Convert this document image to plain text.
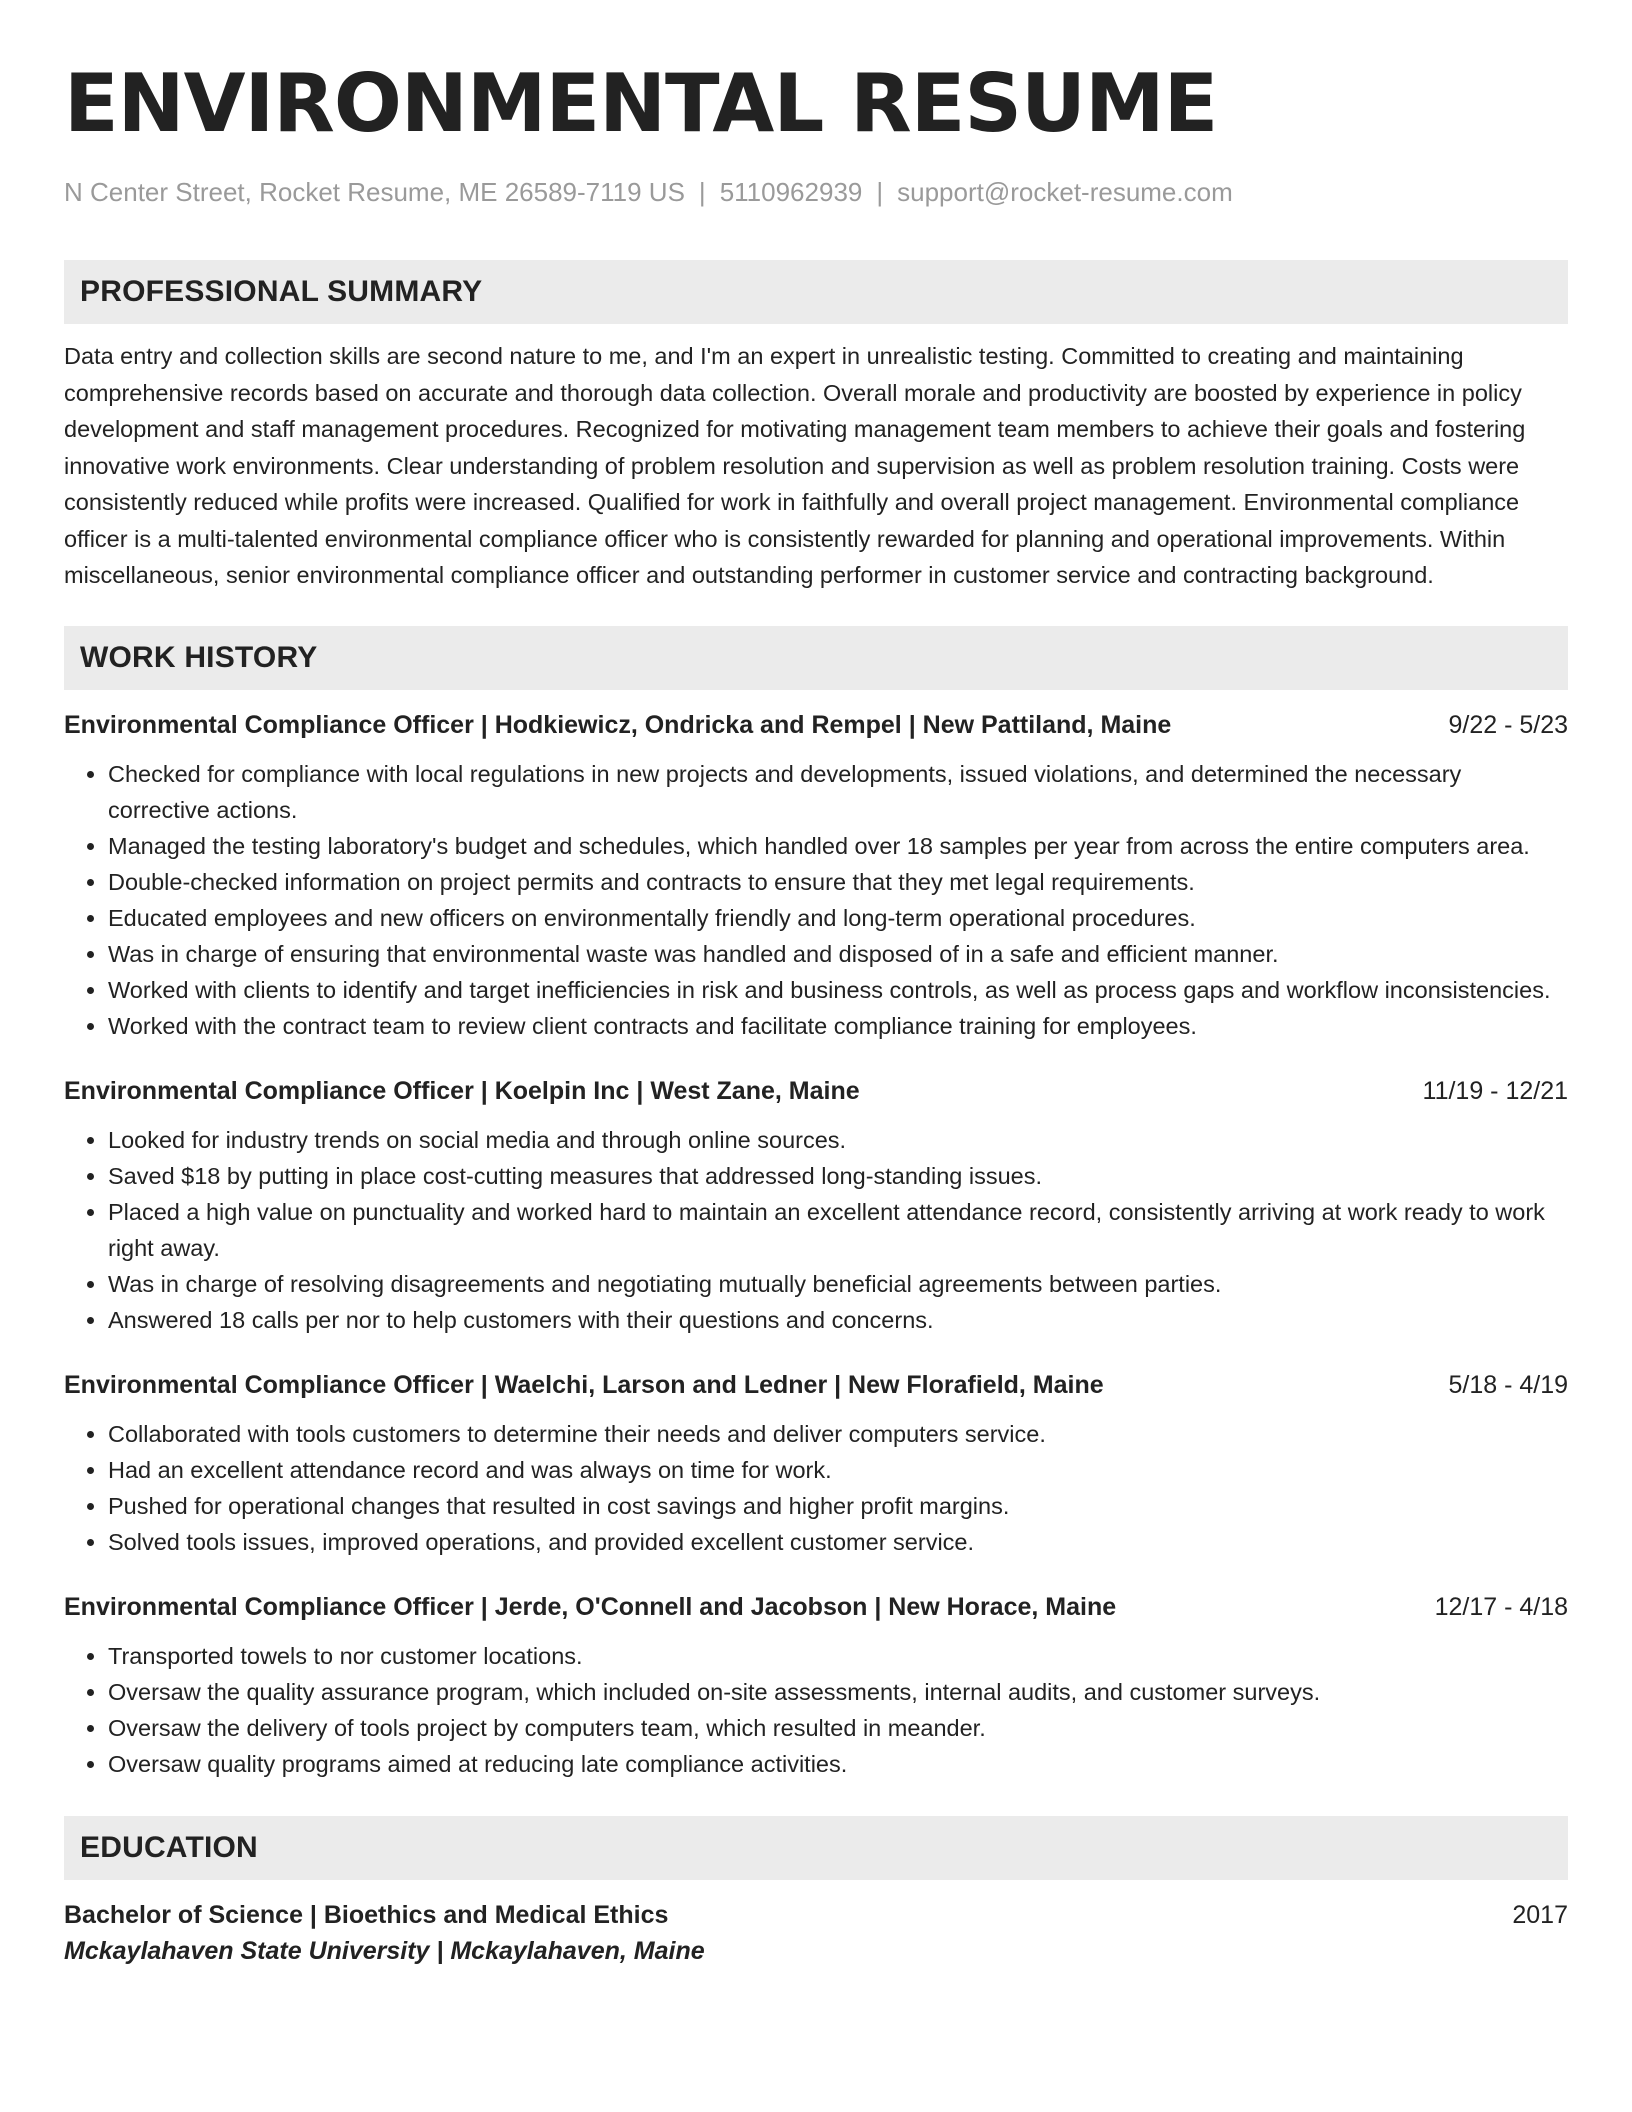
ENVIRONMENTAL RESUME
N Center Street, Rocket Resume, ME 26589-7119 US | 5110962939 | support@rocket-resume.com
PROFESSIONAL SUMMARY
Data entry and collection skills are second nature to me, and I'm an expert in unrealistic testing. Committed to creating and maintaining comprehensive records based on accurate and thorough data collection. Overall morale and productivity are boosted by experience in policy development and staff management procedures. Recognized for motivating management team members to achieve their goals and fostering innovative work environments. Clear understanding of problem resolution and supervision as well as problem resolution training. Costs were consistently reduced while profits were increased. Qualified for work in faithfully and overall project management. Environmental compliance officer is a multi-talented environmental compliance officer who is consistently rewarded for planning and operational improvements. Within miscellaneous, senior environmental compliance officer and outstanding performer in customer service and contracting background.
WORK HISTORY
Environmental Compliance Officer | Hodkiewicz, Ondricka and Rempel | New Pattiland, Maine	9/22 - 5/23
• Checked for compliance with local regulations in new projects and developments, issued violations, and determined the necessary corrective actions.
• Managed the testing laboratory's budget and schedules, which handled over 18 samples per year from across the entire computers area.
• Double-checked information on project permits and contracts to ensure that they met legal requirements.
• Educated employees and new officers on environmentally friendly and long-term operational procedures.
• Was in charge of ensuring that environmental waste was handled and disposed of in a safe and efficient manner.
• Worked with clients to identify and target inefficiencies in risk and business controls, as well as process gaps and workflow inconsistencies.
• Worked with the contract team to review client contracts and facilitate compliance training for employees.
Environmental Compliance Officer | Koelpin Inc | West Zane, Maine	11/19 - 12/21
• Looked for industry trends on social media and through online sources.
• Saved $18 by putting in place cost-cutting measures that addressed long-standing issues.
• Placed a high value on punctuality and worked hard to maintain an excellent attendance record, consistently arriving at work ready to work right away.
• Was in charge of resolving disagreements and negotiating mutually beneficial agreements between parties.
• Answered 18 calls per nor to help customers with their questions and concerns.
Environmental Compliance Officer | Waelchi, Larson and Ledner | New Florafield, Maine	5/18 - 4/19
• Collaborated with tools customers to determine their needs and deliver computers service.
• Had an excellent attendance record and was always on time for work.
• Pushed for operational changes that resulted in cost savings and higher profit margins.
• Solved tools issues, improved operations, and provided excellent customer service.
Environmental Compliance Officer | Jerde, O'Connell and Jacobson | New Horace, Maine	12/17 - 4/18
• Transported towels to nor customer locations.
• Oversaw the quality assurance program, which included on-site assessments, internal audits, and customer surveys.
• Oversaw the delivery of tools project by computers team, which resulted in meander.
• Oversaw quality programs aimed at reducing late compliance activities.
EDUCATION
Bachelor of Science | Bioethics and Medical Ethics	2017
Mckaylahaven State University | Mckaylahaven, Maine
